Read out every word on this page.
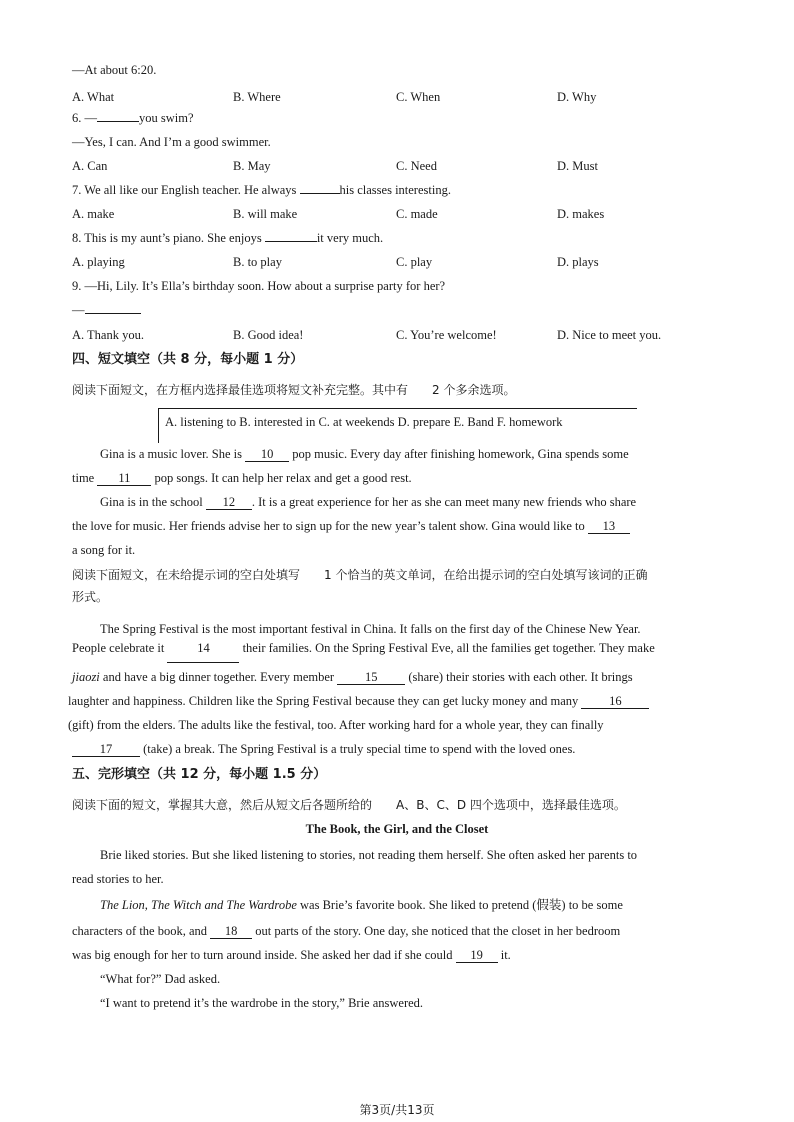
—At about 6:20.
A. What	B. Where	C. When	D. Why
6. —	you swim?
—Yes, I can. And I’m a good swimmer.
A. Can	B. May	C. Need	D. Must
7. We all like our English teacher. He always	his classes interesting.
A. make	B. will make	C. made	D. makes
8. This is my aunt’s piano. She enjoys	it very much.
A. playing	B. to play	C. play	D. plays
9. —Hi, Lily. It’s Ella’s birthday soon. How about a surprise party for her?
—
A. Thank you.	B. Good idea!	C. You’re welcome!	D. Nice to meet you.
四、短文填空（共 8 分，每小题 1 分）
阅读下面短文，在方框内选择最佳选项将短文补充完整。其中有　　2 个多余选项。
A. listening to B. interested in C. at weekends D. prepare E. Band F. homework
Gina is a music lover. She is 10 pop music. Every day after finishing homework, Gina spends some
time 11 pop songs. It can help her relax and get a good rest.
Gina is in the school 12 . It is a great experience for her as she can meet many new friends who share
the love for music. Her friends advise her to sign up for the new year’s talent show. Gina would like to 13
a song for it.
阅读下面短文，在未给提示词的空白处填写　　1 个恰当的英文单词，在给出提示词的空白处填写该词的正确
形式。
The Spring Festival is the most important festival in China. It falls on the first day of the Chinese New Year.
People celebrate it 14 their families. On the Spring Festival Eve, all the families get together. They make
jiaozi and have a big dinner together. Every member 15 (share) their stories with each other. It brings
laughter and happiness. Children like the Spring Festival because they can get lucky money and many 16
(gift) from the elders. The adults like the festival, too. After working hard for a whole year, they can finally
17 (take) a break. The Spring Festival is a truly special time to spend with the loved ones.
五、完形填空（共 12 分，每小题 1.5 分）
阅读下面的短文，掌握其大意，然后从短文后各题所给的　　A、B、C、D 四个选项中，选择最佳选项。
The Book, the Girl, and the Closet
Brie liked stories. But she liked listening to stories, not reading them herself. She often asked her parents to
read stories to her.
The Lion, The Witch and The Wardrobe was Brie’s favorite book. She liked to pretend (假装) to be some
characters of the book, and 18 out parts of the story. One day, she noticed that the closet in her bedroom
was big enough for her to turn around inside. She asked her dad if she could 19 it.
“What for?” Dad asked.
“I want to pretend it’s the wardrobe in the story,” Brie answered.
第3页/共13页
